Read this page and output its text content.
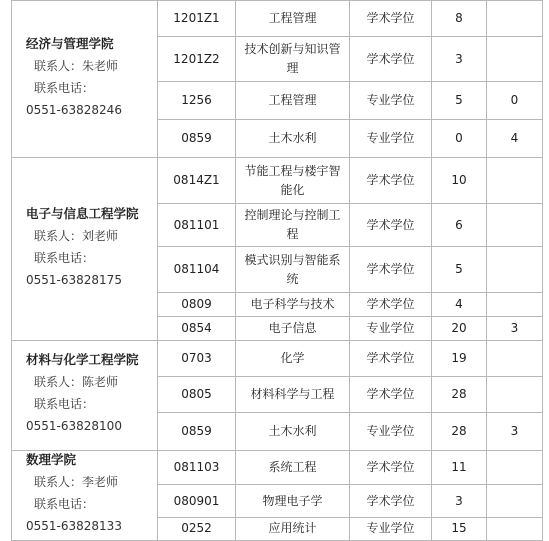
经济与管理学院
联系人：朱老师
联系电话：
0551-63828246	1201Z1	工程管理	学术学位	8	
	1201Z2	技术创新与知识管理	学术学位	3	
	1256	工程管理	专业学位	5	0
	0859	土木水利	专业学位	0	4

电子与信息工程学院
联系人：刘老师
联系电话：
0551-63828175	0814Z1	节能工程与楼宇智能化	学术学位	10	
	081101	控制理论与控制工程	学术学位	6	
	081104	模式识别与智能系统	学术学位	5	
	0809	电子科学与技术	学术学位	4	
	0854	电子信息	专业学位	20	3

材料与化学工程学院
联系人：陈老师
联系电话：
0551-63828100	0703	化学	学术学位	19	
	0805	材料科学与工程	学术学位	28	
	0859	土木水利	专业学位	28	3

数理学院
联系人：李老师
联系电话：
0551-63828133	081103	系统工程	学术学位	11	
	080901	物理电子学	学术学位	3	
	0252	应用统计	专业学位	15	
